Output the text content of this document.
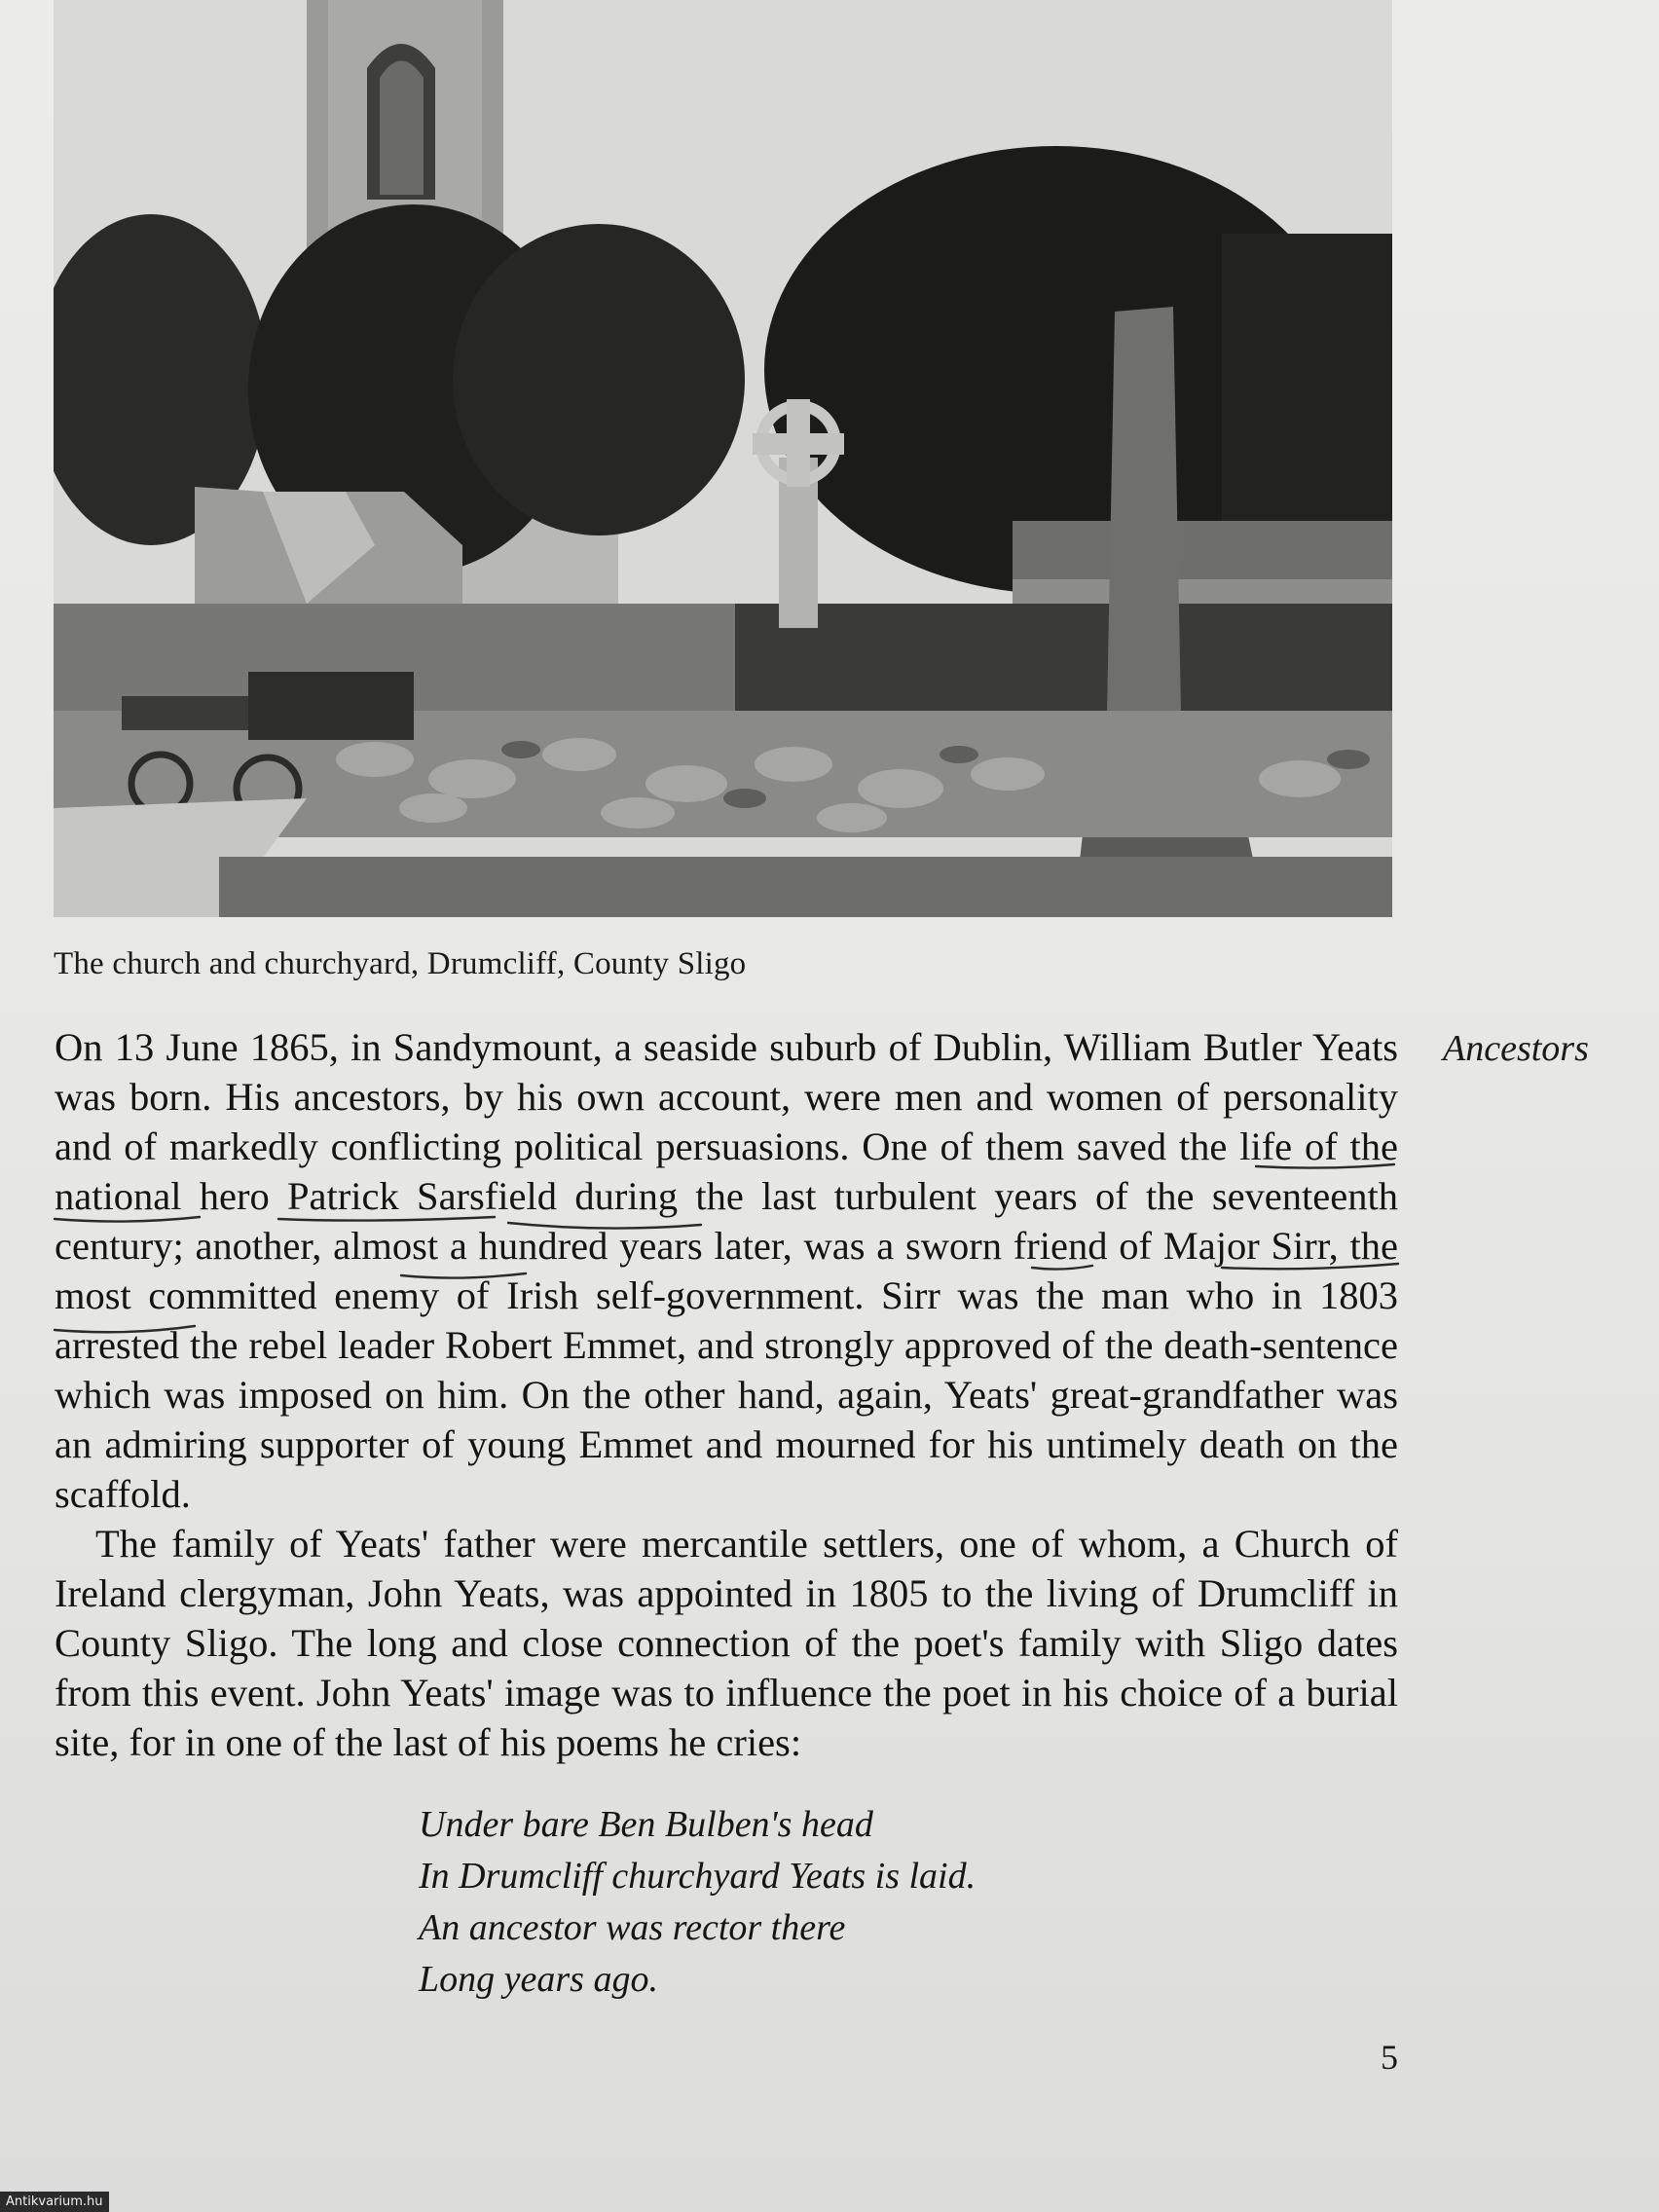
The church and churchyard, Drumcliff, County Sligo
Ancestors

On 13 June 1865, in Sandymount, a seaside suburb of Dublin, William Butler Yeats was born. His ancestors, by his own account, were men and women of personality and of markedly conflicting political persuasions. One of them saved the life of the national hero Patrick Sarsfield during the last turbulent years of the seventeenth century; another, almost a hundred years later, was a sworn friend of Major Sirr, the most committed enemy of Irish self-government. Sirr was the man who in 1803 arrested the rebel leader Robert Emmet, and strongly approved of the death-sentence which was imposed on him. On the other hand, again, Yeats' great-grandfather was an admiring supporter of young Emmet and mourned for his untimely death on the scaffold.

The family of Yeats' father were mercantile settlers, one of whom, a Church of Ireland clergyman, John Yeats, was appointed in 1805 to the living of Drumcliff in County Sligo. The long and close connection of the poet's family with Sligo dates from this event. John Yeats' image was to influence the poet in his choice of a burial site, for in one of the last of his poems he cries:

Under bare Ben Bulben's head
In Drumcliff churchyard Yeats is laid.
An ancestor was rector there
Long years ago.
5
Antikvarium.hu
